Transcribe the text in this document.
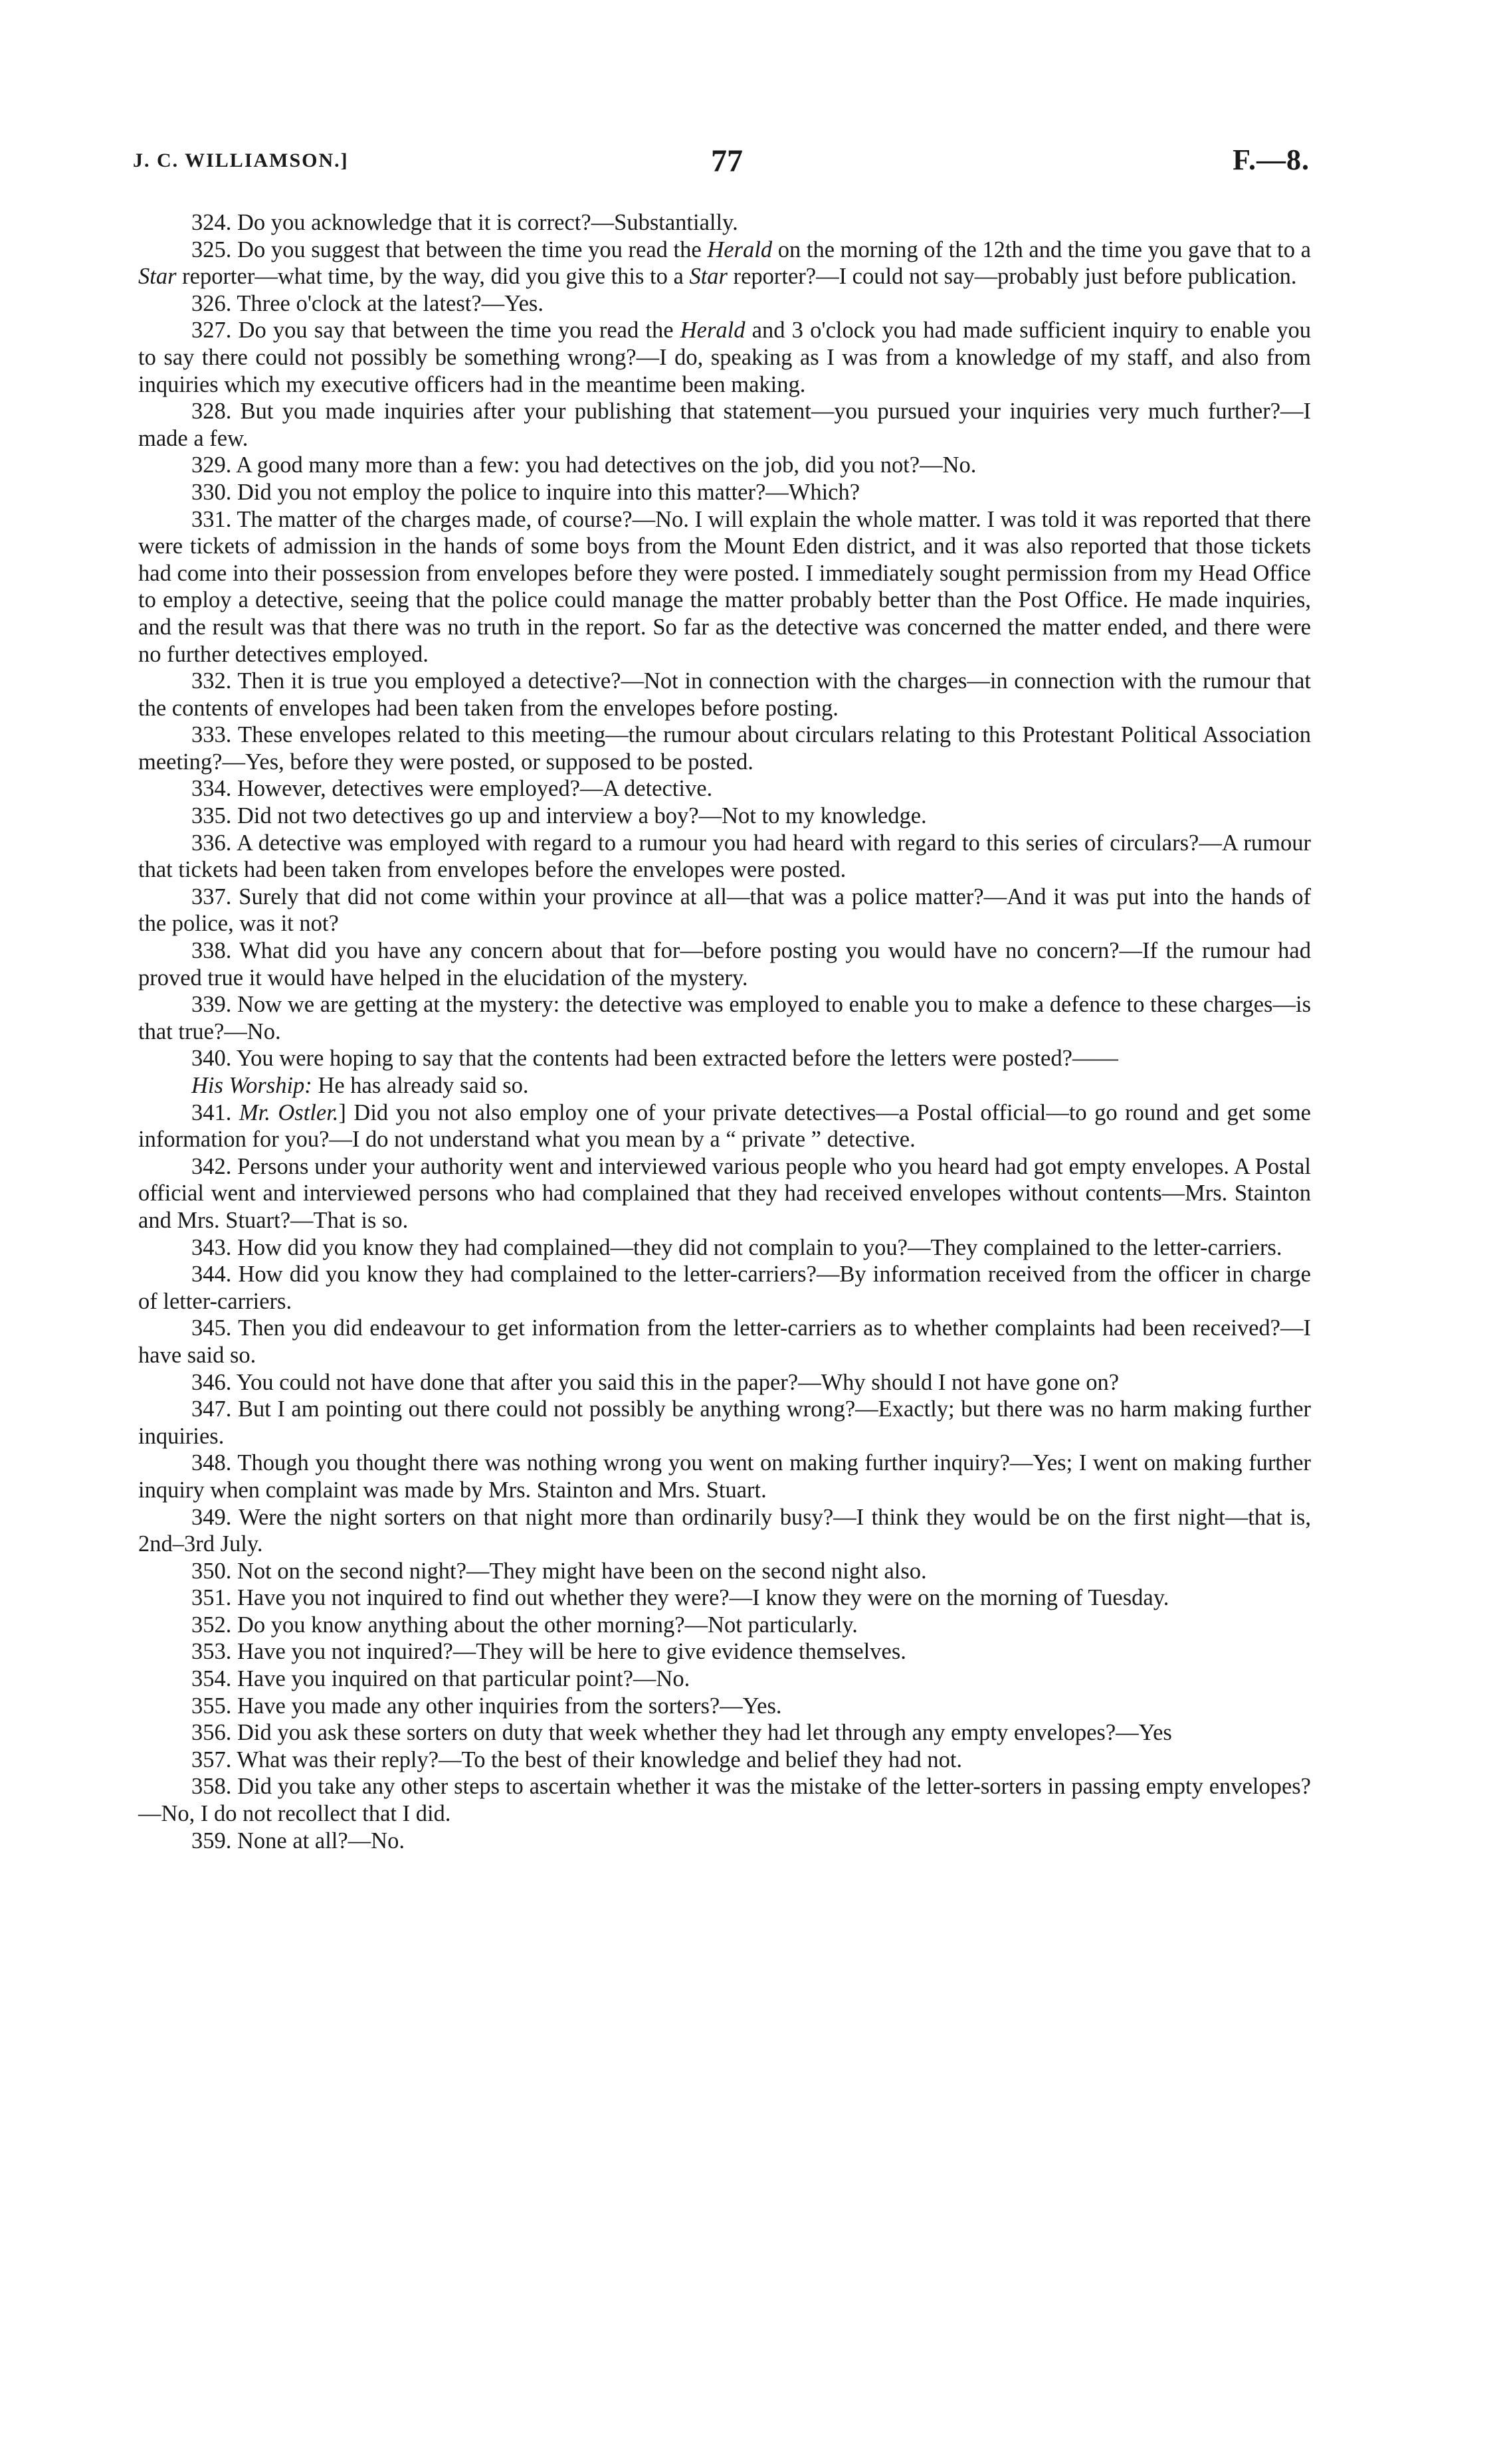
J. C. WILLIAMSON.]	77	F.—8.

324. Do you acknowledge that it is correct?—Substantially.

325. Do you suggest that between the time you read the Herald on the morning of the 12th and the time you gave that to a Star reporter—what time, by the way, did you give this to a Star reporter?—I could not say—probably just before publication.

326. Three o'clock at the latest?—Yes.

327. Do you say that between the time you read the Herald and 3 o'clock you had made sufficient inquiry to enable you to say there could not possibly be something wrong?—I do, speaking as I was from a knowledge of my staff, and also from inquiries which my executive officers had in the meantime been making.

328. But you made inquiries after your publishing that statement—you pursued your inquiries very much further?—I made a few.

329. A good many more than a few: you had detectives on the job, did you not?—No.

330. Did you not employ the police to inquire into this matter?—Which?

331. The matter of the charges made, of course?—No. I will explain the whole matter. I was told it was reported that there were tickets of admission in the hands of some boys from the Mount Eden district, and it was also reported that those tickets had come into their possession from envelopes before they were posted. I immediately sought permission from my Head Office to employ a detective, seeing that the police could manage the matter probably better than the Post Office. He made inquiries, and the result was that there was no truth in the report. So far as the detective was concerned the matter ended, and there were no further detectives employed.

332. Then it is true you employed a detective?—Not in connection with the charges—in connection with the rumour that the contents of envelopes had been taken from the envelopes before posting.

333. These envelopes related to this meeting—the rumour about circulars relating to this Protestant Political Association meeting?—Yes, before they were posted, or supposed to be posted.

334. However, detectives were employed?—A detective.

335. Did not two detectives go up and interview a boy?—Not to my knowledge.

336. A detective was employed with regard to a rumour you had heard with regard to this series of circulars?—A rumour that tickets had been taken from envelopes before the envelopes were posted.

337. Surely that did not come within your province at all—that was a police matter?—And it was put into the hands of the police, was it not?

338. What did you have any concern about that for—before posting you would have no concern?—If the rumour had proved true it would have helped in the elucidation of the mystery.

339. Now we are getting at the mystery: the detective was employed to enable you to make a defence to these charges—is that true?—No.

340. You were hoping to say that the contents had been extracted before the letters were posted?——

His Worship: He has already said so.

341. Mr. Ostler.] Did you not also employ one of your private detectives—a Postal official—to go round and get some information for you?—I do not understand what you mean by a “ private ” detective.

342. Persons under your authority went and interviewed various people who you heard had got empty envelopes. A Postal official went and interviewed persons who had complained that they had received envelopes without contents—Mrs. Stainton and Mrs. Stuart?—That is so.

343. How did you know they had complained—they did not complain to you?—They complained to the letter-carriers.

344. How did you know they had complained to the letter-carriers?—By information received from the officer in charge of letter-carriers.

345. Then you did endeavour to get information from the letter-carriers as to whether complaints had been received?—I have said so.

346. You could not have done that after you said this in the paper?—Why should I not have gone on?

347. But I am pointing out there could not possibly be anything wrong?—Exactly; but there was no harm making further inquiries.

348. Though you thought there was nothing wrong you went on making further inquiry?—Yes; I went on making further inquiry when complaint was made by Mrs. Stainton and Mrs. Stuart.

349. Were the night sorters on that night more than ordinarily busy?—I think they would be on the first night—that is, 2nd–3rd July.

350. Not on the second night?—They might have been on the second night also.

351. Have you not inquired to find out whether they were?—I know they were on the morning of Tuesday.

352. Do you know anything about the other morning?—Not particularly.

353. Have you not inquired?—They will be here to give evidence themselves.

354. Have you inquired on that particular point?—No.

355. Have you made any other inquiries from the sorters?—Yes.

356. Did you ask these sorters on duty that week whether they had let through any empty envelopes?—Yes

357. What was their reply?—To the best of their knowledge and belief they had not.

358. Did you take any other steps to ascertain whether it was the mistake of the letter-sorters in passing empty envelopes?—No, I do not recollect that I did.

359. None at all?—No.
